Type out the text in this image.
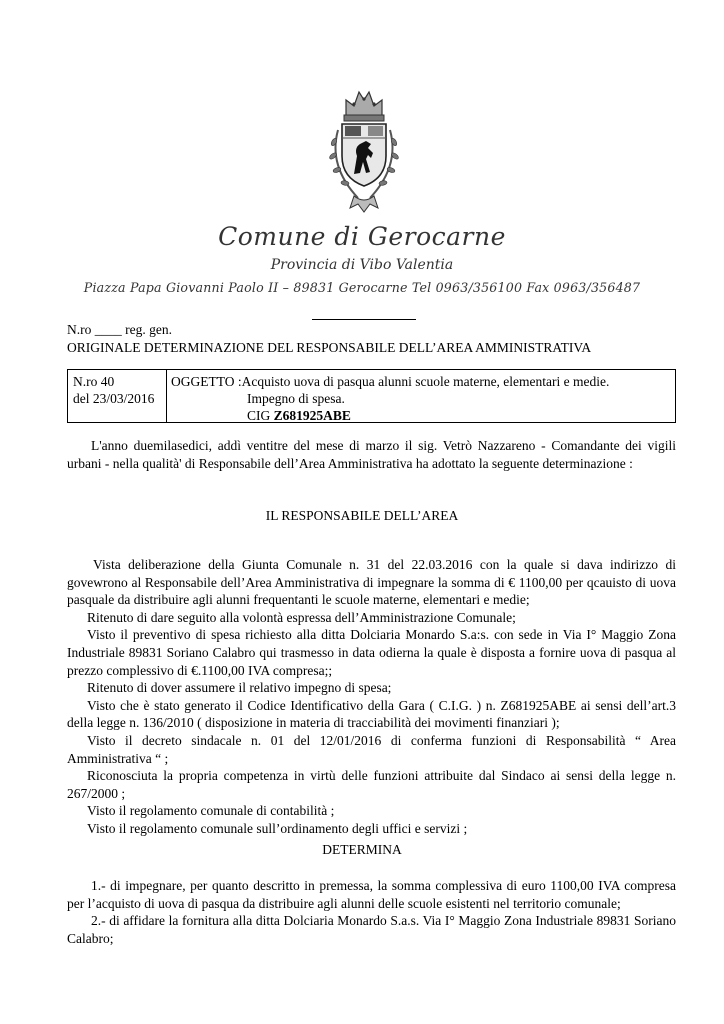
Comune di Gerocarne
Provincia di Vibo Valentia
Piazza Papa Giovanni Paolo II – 89831 Gerocarne Tel 0963/356100 Fax 0963/356487
N.ro ____ reg. gen.
ORIGINALE DETERMINAZIONE DEL RESPONSABILE DELL’AREA AMMINISTRATIVA
N.ro 40
del 23/03/2016
OGGETTO :Acquisto uova di pasqua alunni scuole materne, elementari e medie.
Impegno di spesa.
CIG Z681925ABE
L'anno duemilasedici, addì ventitre del mese di marzo il sig. Vetrò Nazzareno - Comandante dei vigili urbani - nella qualità' di Responsabile dell’Area Amministrativa ha adottato la seguente determinazione :
IL RESPONSABILE DELL’AREA
Vista deliberazione della Giunta Comunale n. 31 del 22.03.2016 con la quale si dava indirizzo di govewrono al Responsabile dell’Area Amministrativa di impegnare la somma di € 1100,00 per qcauisto di uova pasquale da distribuire agli alunni frequentanti le scuole materne, elementari e medie;
Ritenuto di dare seguito alla volontà espressa dell’Amministrazione Comunale;
Visto il preventivo di spesa richiesto alla ditta Dolciaria Monardo S.a:s. con sede in Via I° Maggio Zona Industriale 89831 Soriano Calabro qui trasmesso in data odierna la quale è disposta a fornire uova di pasqua al prezzo complessivo di €.1100,00 IVA compresa;;
Ritenuto di dover assumere il relativo impegno di spesa;
Visto che è stato generato il Codice Identificativo della Gara ( C.I.G. ) n. Z681925ABE ai sensi dell’art.3 della legge n. 136/2010 ( disposizione in materia di tracciabilità dei movimenti finanziari );
Visto il decreto sindacale n. 01 del 12/01/2016 di conferma funzioni di Responsabilità “ Area Amministrativa “ ;
Riconosciuta la propria competenza in virtù delle funzioni attribuite dal Sindaco ai sensi della legge n. 267/2000 ;
Visto il regolamento comunale di contabilità ;
Visto il regolamento comunale sull’ordinamento degli uffici e servizi ;
DETERMINA
1.- di impegnare, per quanto descritto in premessa, la somma complessiva di euro 1100,00 IVA compresa per l’acquisto di uova di pasqua da distribuire agli alunni delle scuole esistenti nel territorio comunale;
2.- di affidare la fornitura alla ditta Dolciaria Monardo S.a.s. Via I° Maggio Zona Industriale 89831 Soriano Calabro;
